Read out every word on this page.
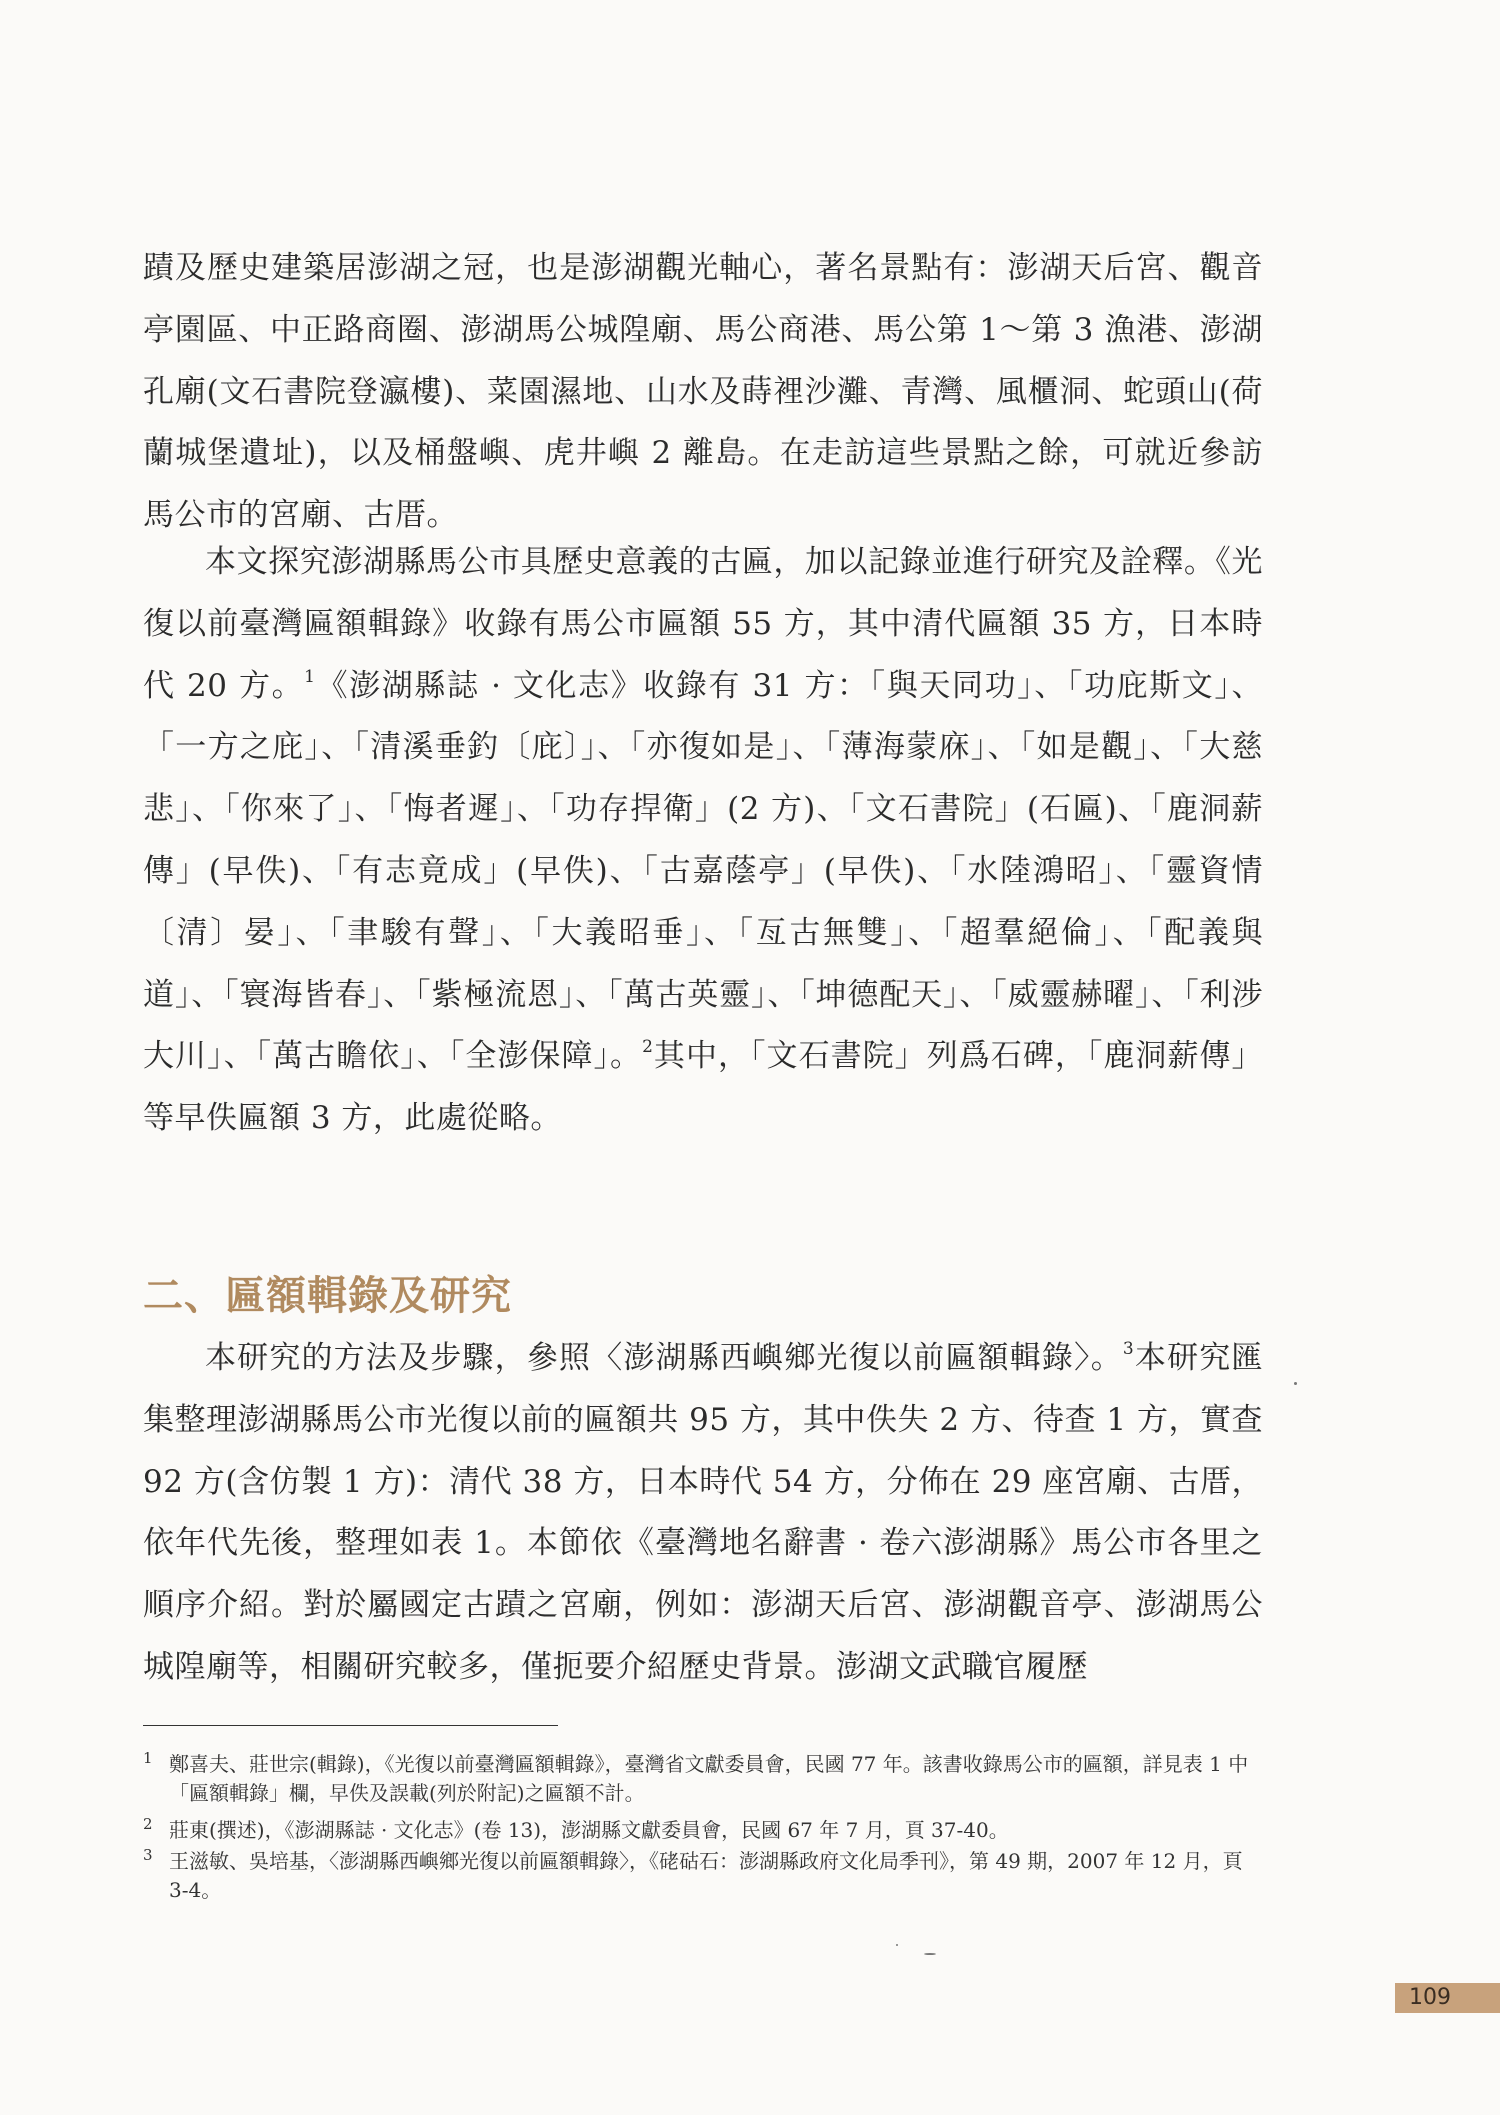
蹟及歷史建築居澎湖之冠，也是澎湖觀光軸心，著名景點有：澎湖天后宮、觀音亭園區、中正路商圈、澎湖馬公城隍廟、馬公商港、馬公第 1～第 3 漁港、澎湖孔廟(文石書院登瀛樓)、菜園濕地、山水及蒔裡沙灘、青灣、風櫃洞、蛇頭山(荷蘭城堡遺址)，以及桶盤嶼、虎井嶼 2 離島。在走訪這些景點之餘，可就近參訪馬公市的宮廟、古厝。

本文探究澎湖縣馬公市具歷史意義的古匾，加以記錄並進行研究及詮釋。《光復以前臺灣匾額輯錄》收錄有馬公市匾額 55 方，其中清代匾額 35 方，日本時代 20 方。$^1$《澎湖縣誌 · 文化志》收錄有 31 方：「與天同功」、「功庇斯文」、「一方之庇」、「清溪垂釣〔庇〕」、「亦復如是」、「薄海蒙庥」、「如是觀」、「大慈悲」、「你來了」、「悔者遲」、「功存捍衛」(2 方)、「文石書院」(石匾)、「鹿洞薪傳」(早佚)、「有志竟成」(早佚)、「古嘉蔭亭」(早佚)、「水陸鴻昭」、「靈資情〔清〕晏」、「聿駿有聲」、「大義昭垂」、「亙古無雙」、「超羣絕倫」、「配義與道」、「寰海皆春」、「紫極流恩」、「萬古英靈」、「坤德配天」、「威靈赫曜」、「利涉大川」、「萬古瞻依」、「全澎保障」。$^2$其中，「文石書院」列爲石碑，「鹿洞薪傳」等早佚匾額 3 方，此處從略。

二、匾額輯錄及研究

本研究的方法及步驟，參照〈澎湖縣西嶼鄉光復以前匾額輯錄〉。$^3$本研究匯集整理澎湖縣馬公市光復以前的匾額共 95 方，其中佚失 2 方、待查 1 方，實查 92 方(含仿製 1 方)：清代 38 方，日本時代 54 方，分佈在 29 座宮廟、古厝，依年代先後，整理如表 1。本節依《臺灣地名辭書 · 卷六澎湖縣》馬公市各里之順序介紹。對於屬國定古蹟之宮廟，例如：澎湖天后宮、澎湖觀音亭、澎湖馬公城隍廟等，相關研究較多，僅扼要介紹歷史背景。澎湖文武職官履歷

1 鄭喜夫、莊世宗(輯錄)，《光復以前臺灣匾額輯錄》，臺灣省文獻委員會，民國 77 年。該書收錄馬公市的匾額，詳見表 1 中「匾額輯錄」欄，早佚及誤載(列於附記)之匾額不計。

2 莊東(撰述)，《澎湖縣誌 · 文化志》(卷 13)，澎湖縣文獻委員會，民國 67 年 7 月，頁 37-40。

3 王滋敏、吳培基，〈澎湖縣西嶼鄉光復以前匾額輯錄〉，《硓𥑮石：澎湖縣政府文化局季刊》，第 49 期，2007 年 12 月，頁 3-4。

109
